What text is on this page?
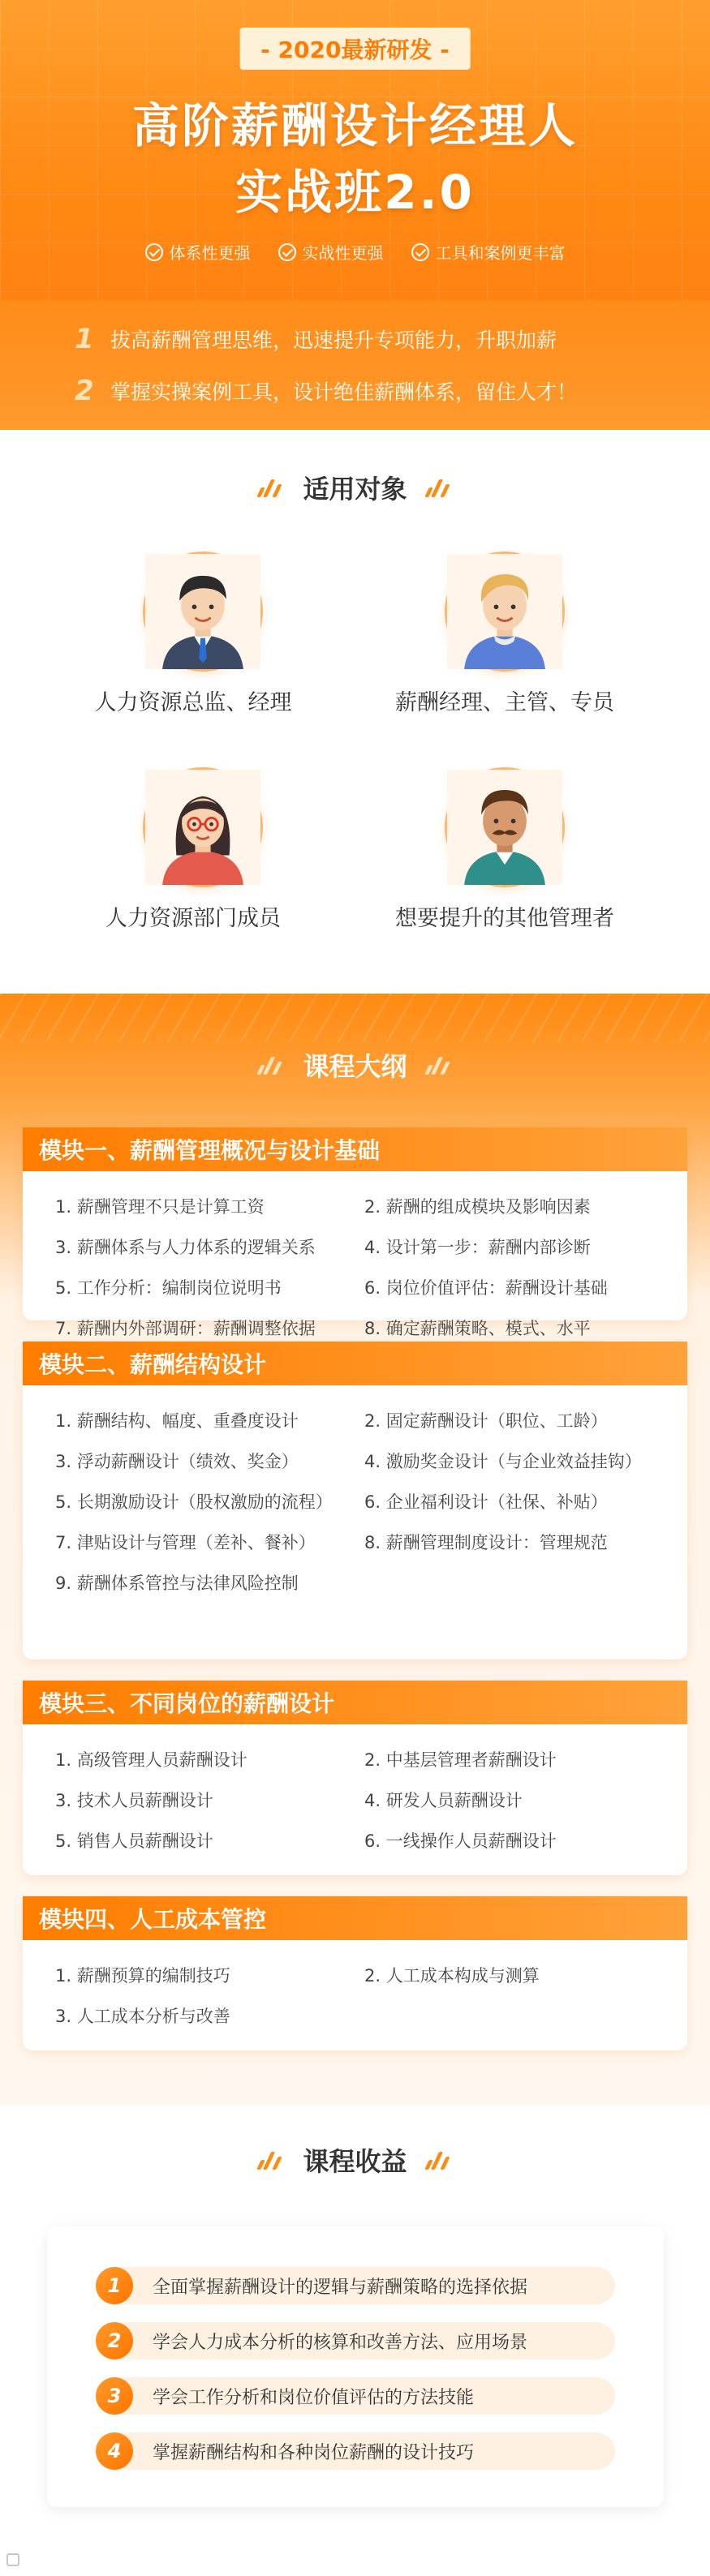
- 2020最新研发 -
高阶薪酬设计经理人
实战班2.0
体系性更强	实战性更强	工具和案例更丰富
1 拔高薪酬管理思维，迅速提升专项能力，升职加薪
2 掌握实操案例工具，设计绝佳薪酬体系，留住人才！
适用对象
人力资源总监、经理	薪酬经理、主管、专员
人力资源部门成员	想要提升的其他管理者
课程大纲
模块一、薪酬管理概况与设计基础
1. 薪酬管理不只是计算工资	2. 薪酬的组成模块及影响因素
3. 薪酬体系与人力体系的逻辑关系	4. 设计第一步：薪酬内部诊断
5. 工作分析：编制岗位说明书	6. 岗位价值评估：薪酬设计基础
7. 薪酬内外部调研：薪酬调整依据	8. 确定薪酬策略、模式、水平
模块二、薪酬结构设计
1. 薪酬结构、幅度、重叠度设计	2. 固定薪酬设计（职位、工龄）
3. 浮动薪酬设计（绩效、奖金）	4. 激励奖金设计（与企业效益挂钩）
5. 长期激励设计（股权激励的流程）	6. 企业福利设计（社保、补贴）
7. 津贴设计与管理（差补、餐补）	8. 薪酬管理制度设计：管理规范
9. 薪酬体系管控与法律风险控制
模块三、不同岗位的薪酬设计
1. 高级管理人员薪酬设计	2. 中基层管理者薪酬设计
3. 技术人员薪酬设计	4. 研发人员薪酬设计
5. 销售人员薪酬设计	6. 一线操作人员薪酬设计
模块四、人工成本管控
1. 薪酬预算的编制技巧	2. 人工成本构成与测算
3. 人工成本分析与改善
课程收益
1	全面掌握薪酬设计的逻辑与薪酬策略的选择依据
2	学会人力成本分析的核算和改善方法、应用场景
3	学会工作分析和岗位价值评估的方法技能
4	掌握薪酬结构和各种岗位薪酬的设计技巧
